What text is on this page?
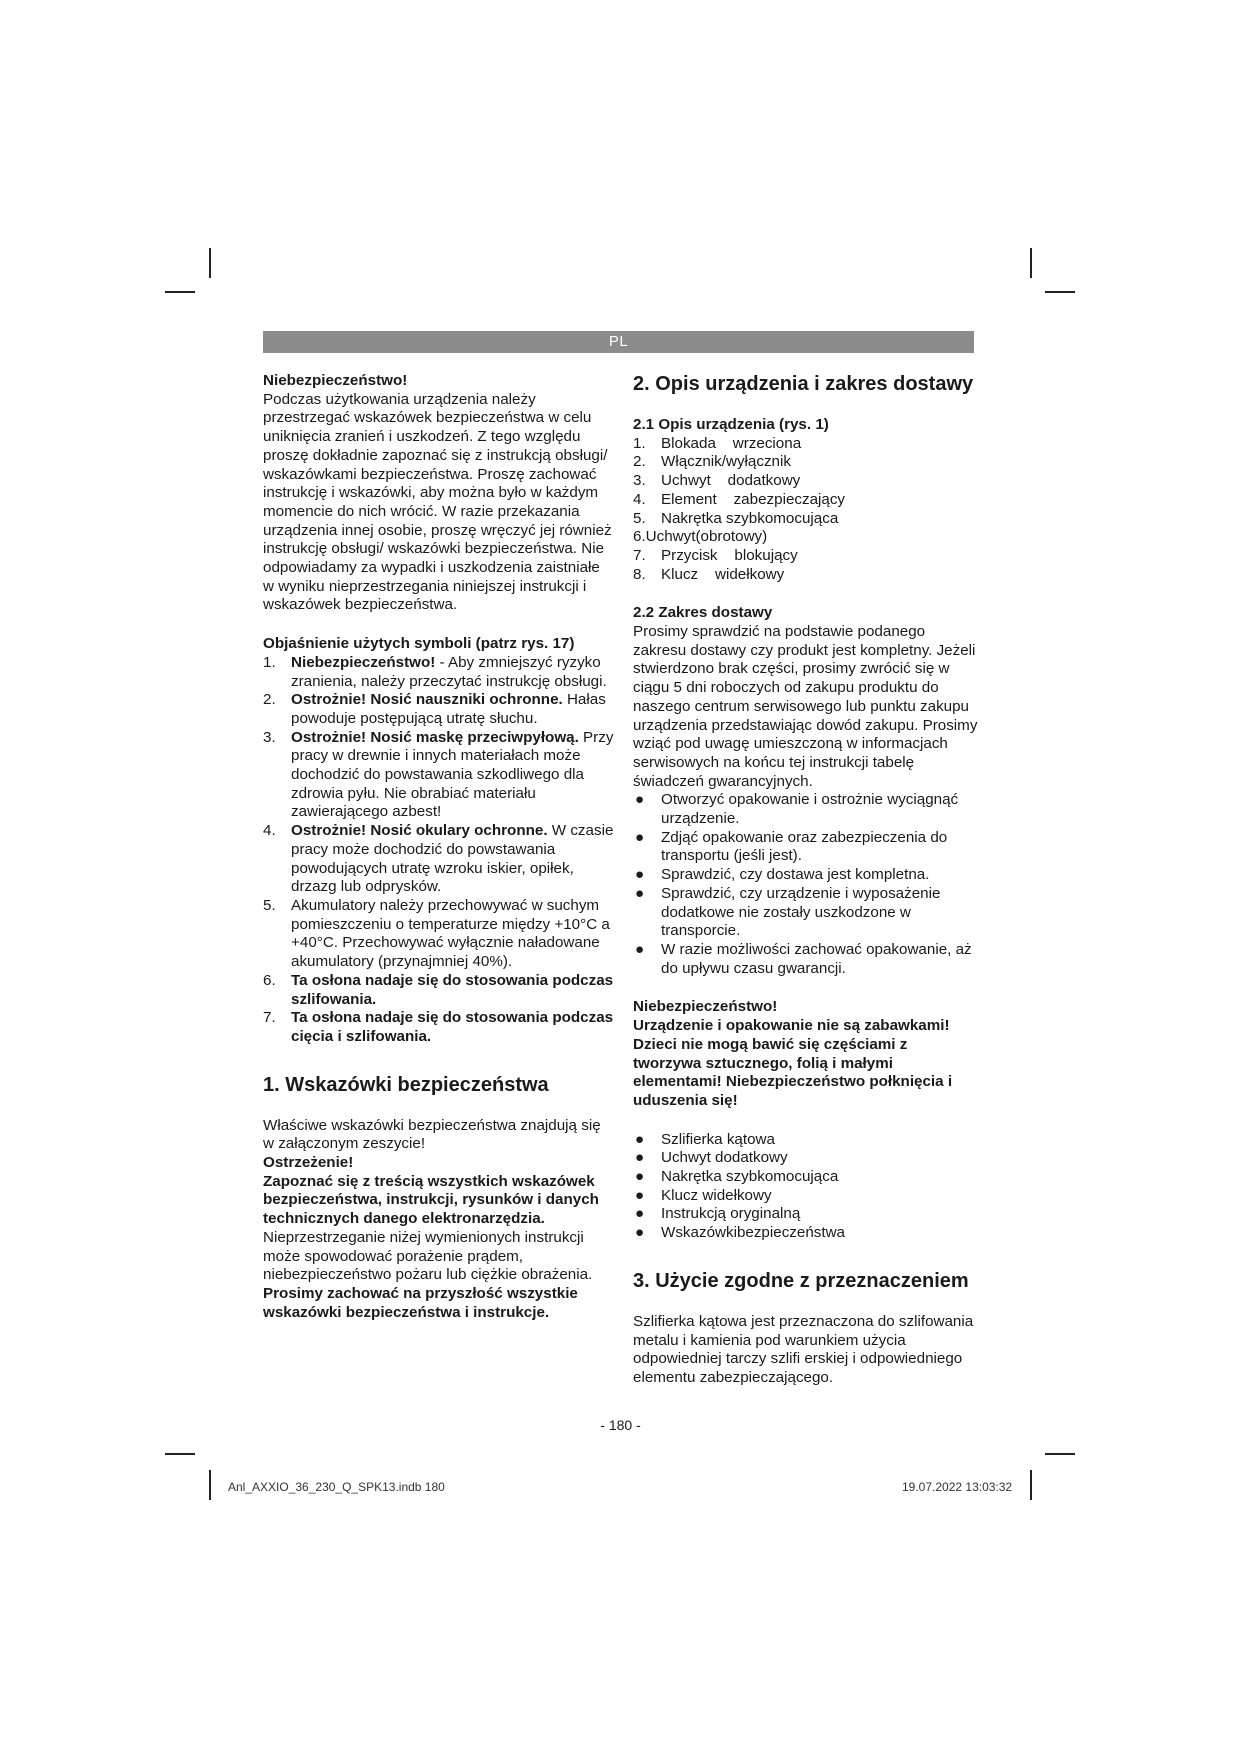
PL

Niebezpieczeństwo!

Podczas użytkowania urządzenia należy przestrzegać wskazówek bezpieczeństwa w celu uniknięcia zranień i uszkodzeń. Z tego względu proszę dokładnie zapoznać się z instrukcją obsługi/ wskazówkami bezpieczeństwa. Proszę zachować instrukcję i wskazówki, aby można było w każdym momencie do nich wrócić. W razie przekazania urządzenia innej osobie, proszę wręczyć jej również instrukcję obsługi/ wskazówki bezpieczeństwa. Nie odpowiadamy za wypadki i uszkodzenia zaistniałe w wyniku nieprzestrzegania niniejszej instrukcji i wskazówek bezpieczeństwa.

Objaśnienie użytych symboli (patrz rys. 17)

1. Niebezpieczeństwo! - Aby zmniejszyć ryzyko zranienia, należy przeczytać instrukcję obsługi.
2. Ostrożnie! Nosić nauszniki ochronne. Hałas powoduje postępującą utratę słuchu.
3. Ostrożnie! Nosić maskę przeciwpyłową. Przy pracy w drewnie i innych materiałach może dochodzić do powstawania szkodliwego dla zdrowia pyłu. Nie obrabiać materiału zawierającego azbest!
4. Ostrożnie! Nosić okulary ochronne. W czasie pracy może dochodzić do powstawania powodujących utratę wzroku iskier, opiłek, drzazg lub odprysków.
5. Akumulatory należy przechowywać w suchym pomieszczeniu o temperaturze między +10°C a +40°C. Przechowywać wyłącznie naładowane akumulatory (przynajmniej 40%).
6. Ta osłona nadaje się do stosowania podczas szlifowania.
7. Ta osłona nadaje się do stosowania podczas cięcia i szlifowania.
1. Wskazówki bezpieczeństwa

Właściwe wskazówki bezpieczeństwa znajdują się w załączonym zeszycie!

Ostrzeżenie!

Zapoznać się z treścią wszystkich wskazówek bezpieczeństwa, instrukcji, rysunków i danych technicznych danego elektronarzędzia. Nieprzestrzeganie niżej wymienionych instrukcji może spowodować porażenie prądem, niebezpieczeństwo pożaru lub ciężkie obrażenia.

Prosimy zachować na przyszłość wszystkie wskazówki bezpieczeństwa i instrukcje.

2. Opis urządzenia i zakres dostawy
2.1 Opis urządzenia (rys. 1)
1. Blokada    wrzeciona
2. Włącznik/wyłącznik
3. Uchwyt    dodatkowy
4. Element    zabezpieczający
5. Nakrętka szybkomocująca
6.Uchwyt(obrotowy)
7. Przycisk    blokujący
8. Klucz    widełkowy
2.2 Zakres dostawy

Prosimy sprawdzić na podstawie podanego zakresu dostawy czy produkt jest kompletny. Jeżeli stwierdzono brak części, prosimy zwrócić się w ciągu 5 dni roboczych od zakupu produktu do naszego centrum serwisowego lub punktu zakupu urządzenia przedstawiając dowód zakupu. Prosimy wziąć pod uwagę umieszczoną w informacjach serwisowych na końcu tej instrukcji tabelę świadczeń gwarancyjnych.

● Otworzyć opakowanie i ostrożnie wyciągnąć urządzenie.
● Zdjąć opakowanie oraz zabezpieczenia do transportu (jeśli jest).
● Sprawdzić, czy dostawa jest kompletna.
● Sprawdzić, czy urządzenie i wyposażenie dodatkowe nie zostały uszkodzone w transporcie.
● W razie możliwości zachować opakowanie, aż do upływu czasu gwarancji.

Niebezpieczeństwo!

Urządzenie i opakowanie nie są zabawkami! Dzieci nie mogą bawić się częściami z tworzywa sztucznego, folią i małymi elementami! Niebezpieczeństwo połknięcia i uduszenia się!

● Szlifierka kątowa
● Uchwyt dodatkowy
● Nakrętka szybkomocująca
● Klucz widełkowy
● Instrukcją oryginalną
● Wskazówkibezpieczeństwa
3. Użycie zgodne z przeznaczeniem

Szlifierka kątowa jest przeznaczona do szlifowania metalu i kamienia pod warunkiem użycia odpowiedniej tarczy szlifi erskiej i odpowiedniego elementu zabezpieczającego.

- 180 -
Anl_AXXIO_36_230_Q_SPK13.indb 180	19.07.2022 13:03:32
